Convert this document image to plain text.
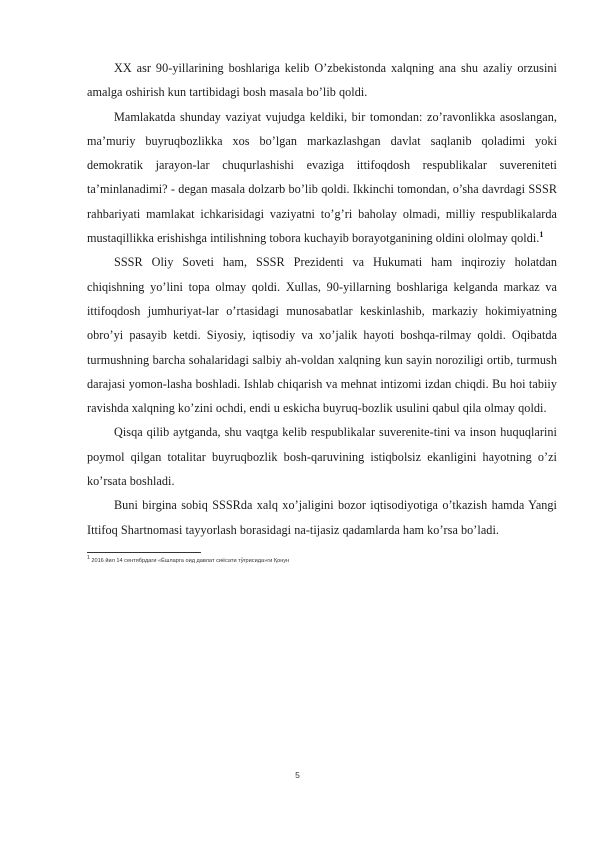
XX asr 90-yillarining boshlariga kelib O’zbekistonda xalqning ana shu azaliy orzusini amalga oshirish kun tartibidagi bosh masala bo’lib qoldi.

Mamlakatda shunday vaziyat vujudga keldiki, bir tomondan: zo’ravonlikka asoslangan, ma’muriy buyruqbozlikka xos bo’lgan markazlashgan davlat saqlanib qoladimi yoki demokratik jarayon-lar chuqurlashishi evaziga ittifoqdosh respublikalar suvereniteti ta’minlanadimi? - degan masala dolzarb bo’lib qoldi. Ikkinchi tomondan, o’sha davrdagi SSSR rahbariyati mamlakat ichkarisidagi vaziyatni to’g’ri baholay olmadi, milliy respublikalarda mustaqillikka erishishga intilishning tobora kuchayib borayotganining oldini ololmay qoldi.$^1$

SSSR Oliy Soveti ham, SSSR Prezidenti va Hukumati ham inqiroziy holatdan chiqishning yo’lini topa olmay qoldi. Xullas, 90-yillarning boshlariga kelganda markaz va ittifoqdosh jumhuriyat-lar o’rtasidagi munosabatlar keskinlashib, markaziy hokimiyatning obro’yi pasayib ketdi. Siyosiy, iqtisodiy va xo’jalik hayoti boshqa-rilmay qoldi. Oqibatda turmushning barcha sohalaridagi salbiy ah-voldan xalqning kun sayin noroziligi ortib, turmush darajasi yomon-lasha boshladi. Ishlab chiqarish va mehnat intizomi izdan chiqdi. Bu hoi tabiiy ravishda xalqning ko’zini ochdi, endi u eskicha buyruq-bozlik usulini qabul qila olmay qoldi.

Qisqa qilib aytganda, shu vaqtga kelib respublikalar suverenite-tini va inson huquqlarini poymol qilgan totalitar buyruqbozlik bosh-qaruvining istiqbolsiz ekanligini hayotning o’zi ko’rsata boshladi.

Buni birgina sobiq SSSRda xalq xo’jaligini bozor iqtisodiyotiga o’tkazish hamda Yangi Ittifoq Shartnomasi tayyorlash borasidagi na-tijasiz qadamlarda ham ko’rsa bo’ladi.

$^1$ 2016 йил 14 сентябрдаги «Ёшларга оид давлат сиёсати тўғрисида»ги Қонун
5
